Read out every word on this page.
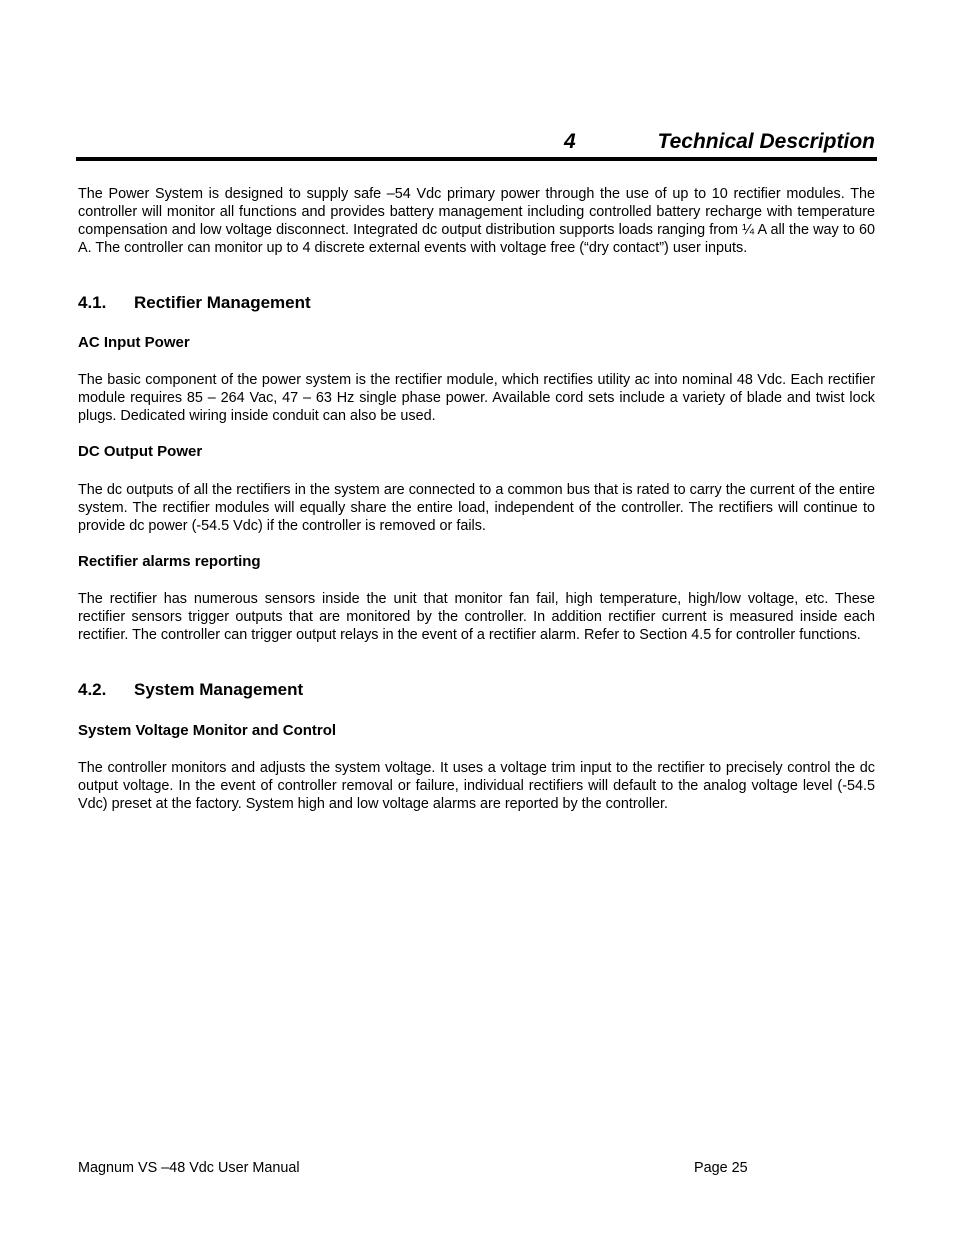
4	Technical Description

The Power System is designed to supply safe –54 Vdc primary power through the use of up to 10 rectifier modules. The controller will monitor all functions and provides battery management including controlled battery recharge with temperature compensation and low voltage disconnect. Integrated dc output distribution supports loads ranging from ¼ A all the way to 60 A. The controller can monitor up to 4 discrete external events with voltage free (“dry contact”) user inputs.

4.1. Rectifier Management
AC Input Power

The basic component of the power system is the rectifier module, which rectifies utility ac into nominal 48 Vdc. Each rectifier module requires 85 – 264 Vac, 47 – 63 Hz single phase power. Available cord sets include a variety of blade and twist lock plugs. Dedicated wiring inside conduit can also be used.

DC Output Power

The dc outputs of all the rectifiers in the system are connected to a common bus that is rated to carry the current of the entire system. The rectifier modules will equally share the entire load, independent of the controller. The rectifiers will continue to provide dc power (-54.5 Vdc) if the controller is removed or fails.

Rectifier alarms reporting

The rectifier has numerous sensors inside the unit that monitor fan fail, high temperature, high/low voltage, etc. These rectifier sensors trigger outputs that are monitored by the controller. In addition rectifier current is measured inside each rectifier. The controller can trigger output relays in the event of a rectifier alarm. Refer to Section 4.5 for controller functions.

4.2. System Management
System Voltage Monitor and Control

The controller monitors and adjusts the system voltage. It uses a voltage trim input to the rectifier to precisely control the dc output voltage. In the event of controller removal or failure, individual rectifiers will default to the analog voltage level (-54.5 Vdc) preset at the factory. System high and low voltage alarms are reported by the controller.

Magnum VS –48 Vdc User Manual	Page 25
